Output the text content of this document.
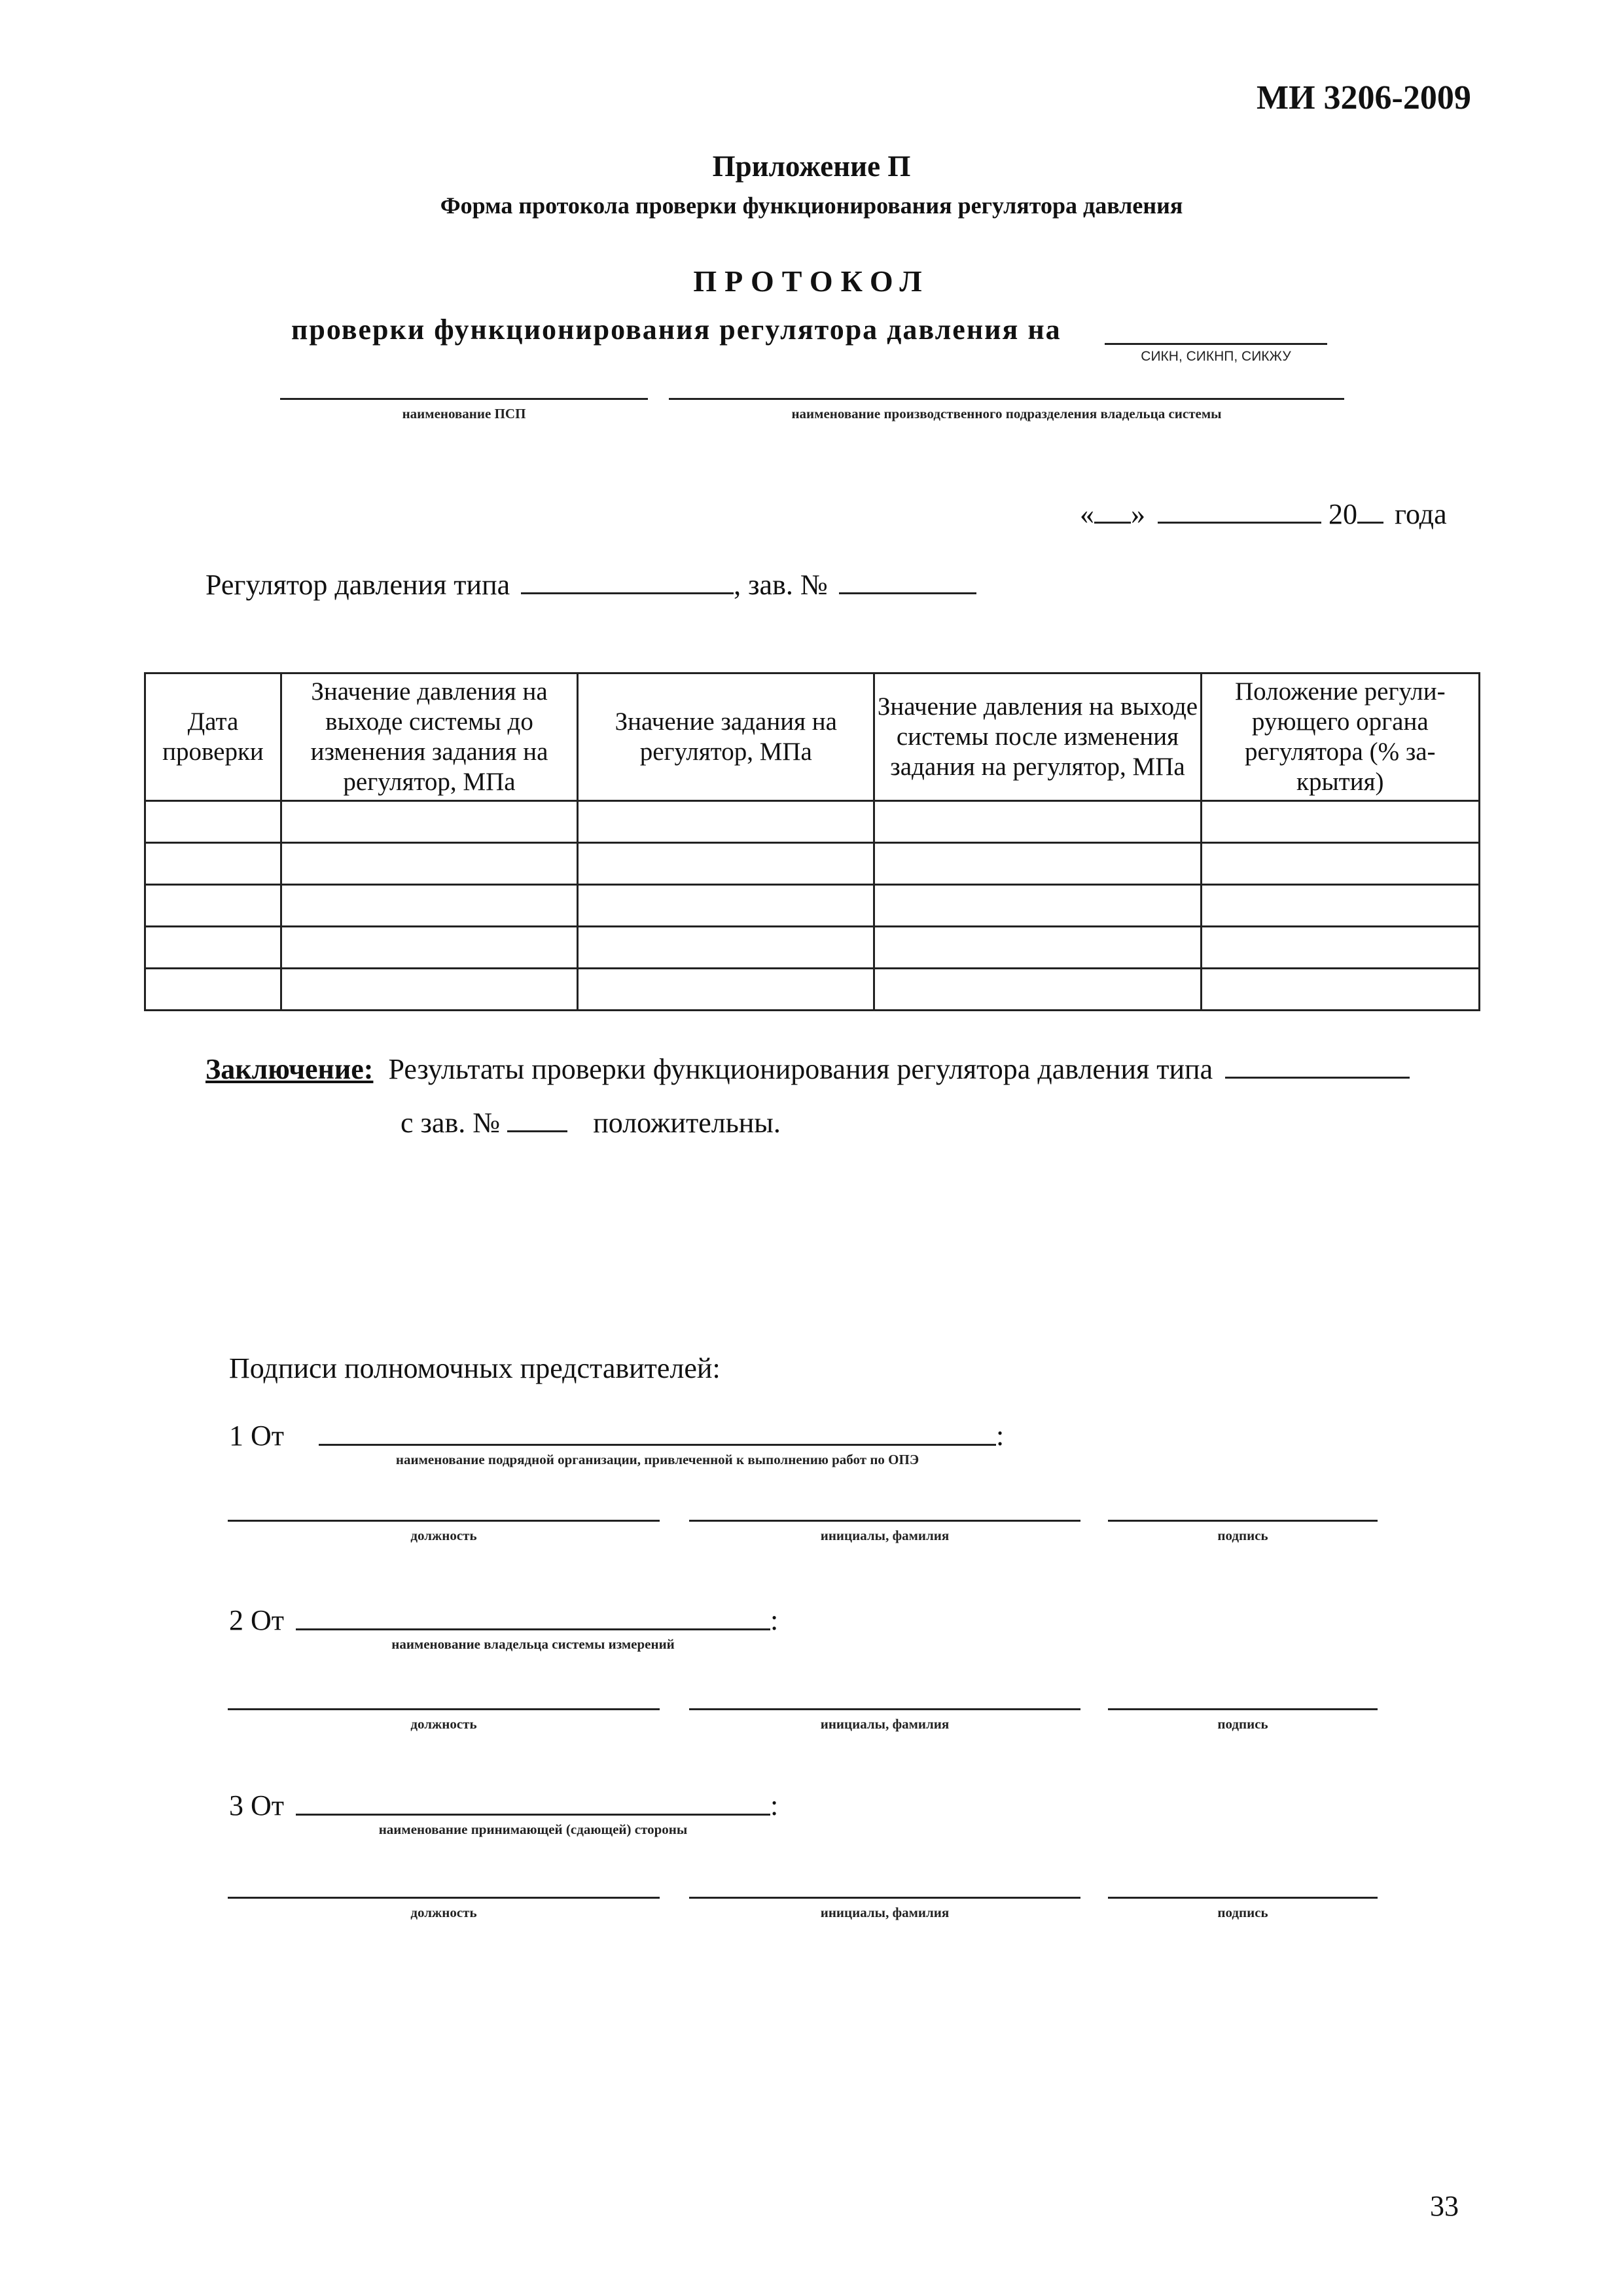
МИ 3206-2009
Приложение П
Форма протокола проверки функционирования регулятора давления
ПРОТОКОЛ
проверки функционирования регулятора давления на
СИКН, СИКНП, СИКЖУ
наименование ПСП	наименование производственного подразделения владельца системы
« »	20 года
Регулятор давления типа	, зав. №
Дата проверки	Значение давления на выходе системы до изменения задания на регулятор, МПа	Значение задания на регулятор, МПа	Значение давления на выходе системы после изменения задания на регулятор, МПа	Положение регули- рующего органа регулятора (% за- крытия)

Заключение: Результаты проверки функционирования регулятора давления типа
с зав. №	положительны.
Подписи полномочных представителей:
1 От	:
наименование подрядной организации, привлеченной к выполнению работ по ОПЭ
должность	инициалы, фамилия	подпись
2 От	:
наименование владельца системы измерений
должность	инициалы, фамилия	подпись
3 От	:
наименование принимающей (сдающей) стороны
должность	инициалы, фамилия	подпись
33
